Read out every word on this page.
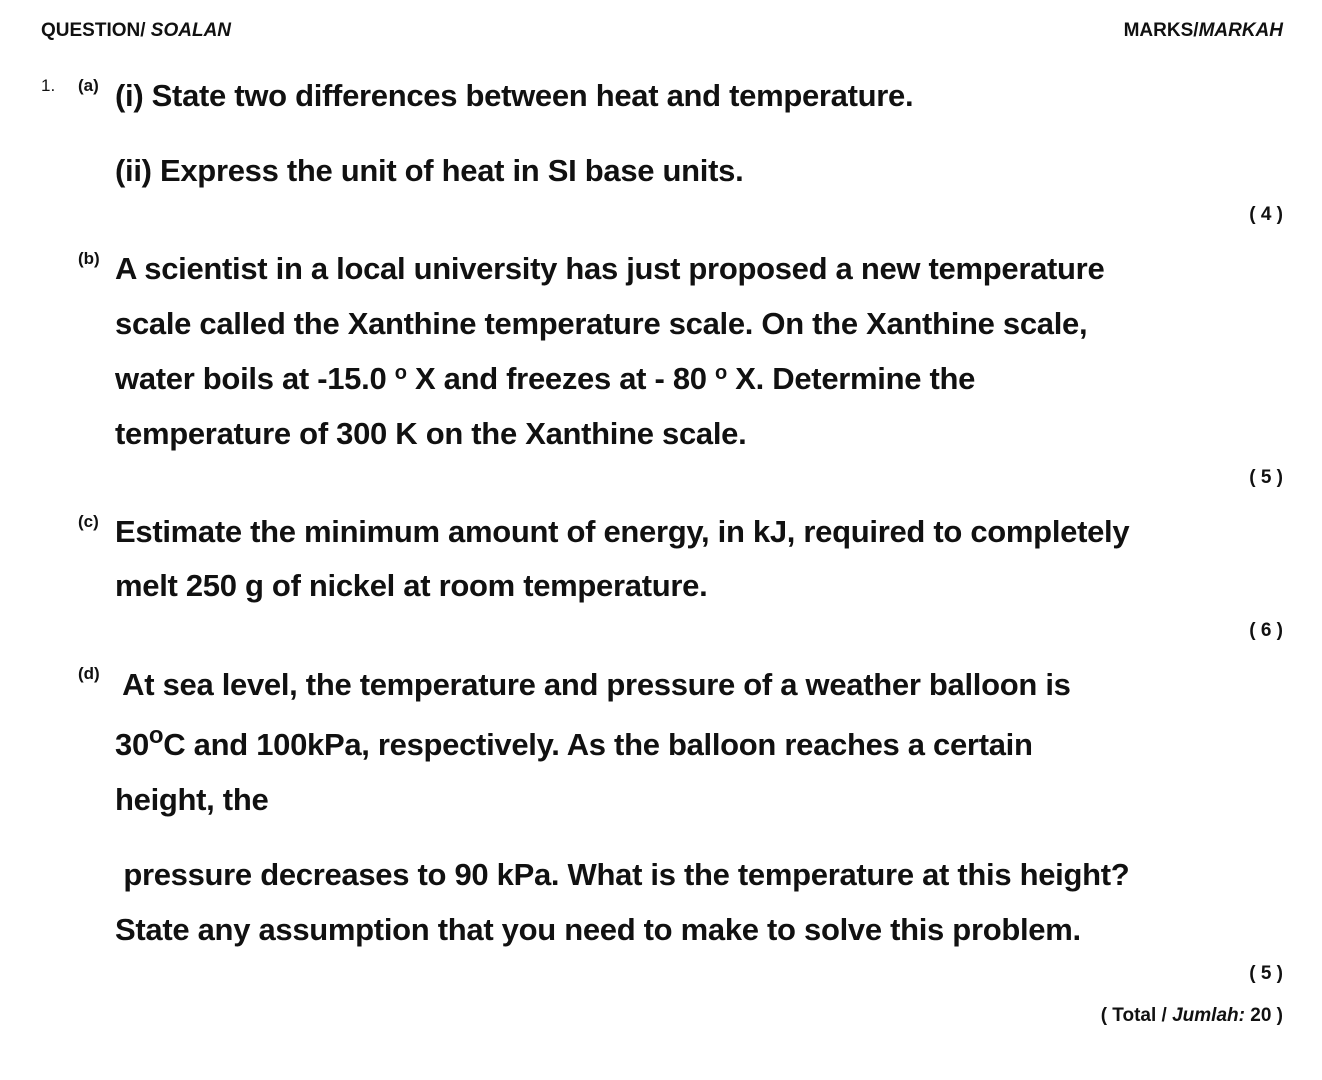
QUESTION/ SOALAN	MARKS/MARKAH
1. (a) (i) State two differences between heat and temperature.
(ii) Express the unit of heat in SI base units.
( 4 )
(b) A scientist in a local university has just proposed a new temperature
scale called the Xanthine temperature scale. On the Xanthine scale,
water boils at -15.0 $^o$ X and freezes at - 80 $^o$ X. Determine the
temperature of 300 K on the Xanthine scale.
( 5 )
(c) Estimate the minimum amount of energy, in kJ, required to completely
melt 250 g of nickel at room temperature.
( 6 )
(d) At sea level, the temperature and pressure of a weather balloon is
30$^o$C and 100kPa, respectively. As the balloon reaches a certain
height, the
pressure decreases to 90 kPa. What is the temperature at this height?
State any assumption that you need to make to solve this problem.
( 5 )
( Total / Jumlah: 20 )
